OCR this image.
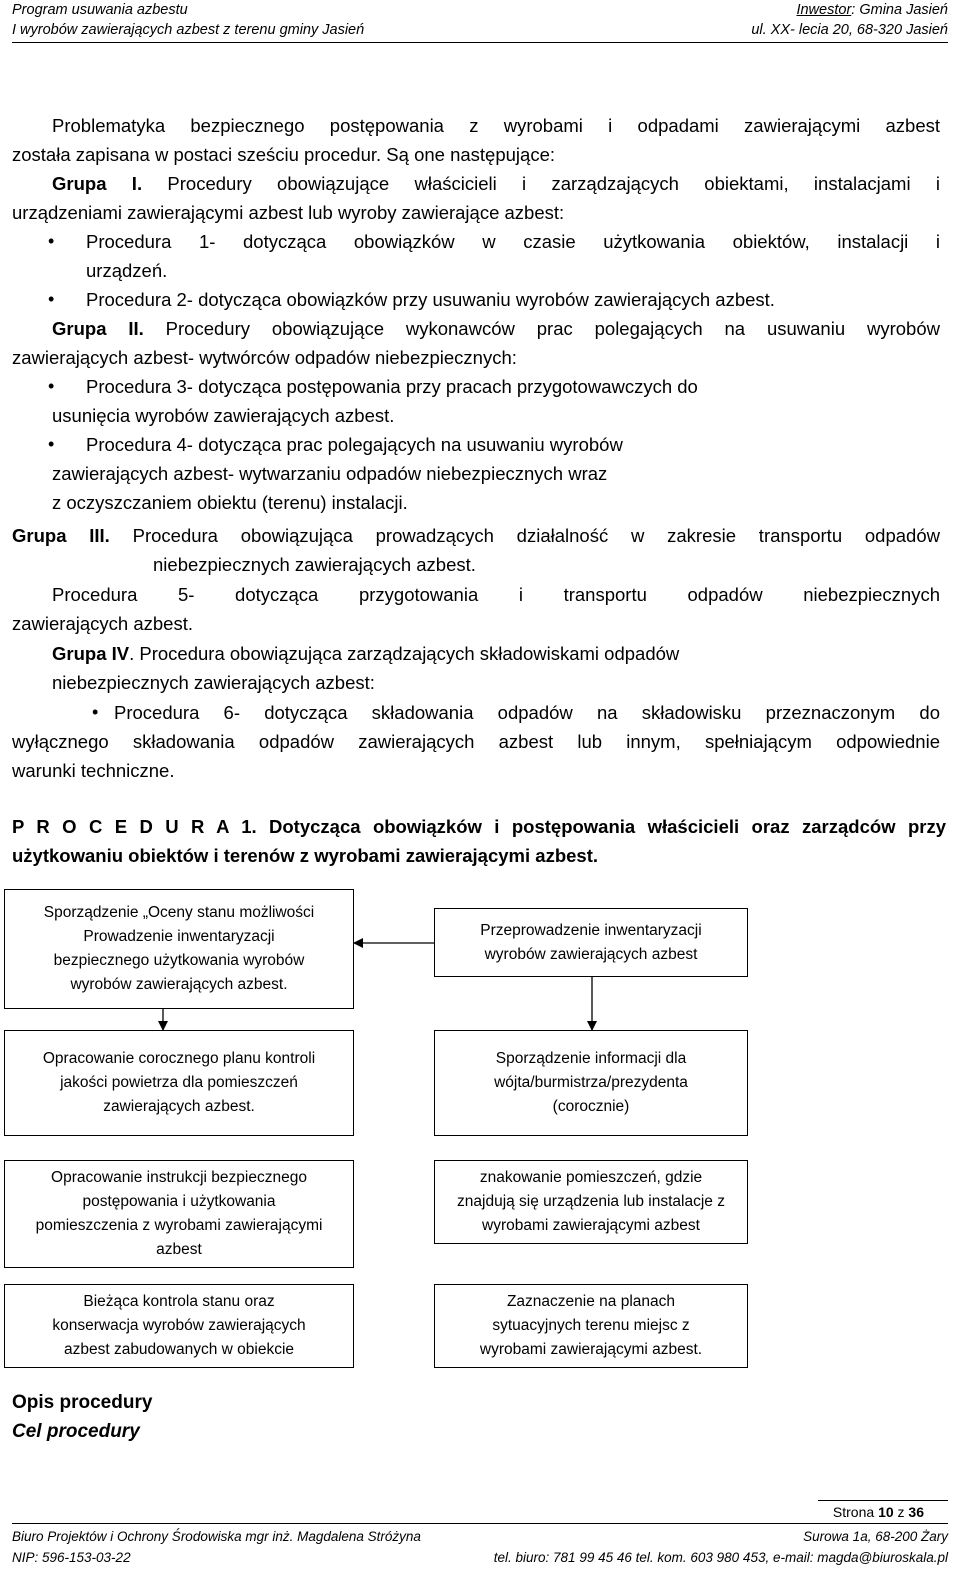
Program usuwania azbestu
I wyrobów zawierających azbest z terenu gminy Jasień
Inwestor: Gmina Jasień
ul. XX- lecia 20, 68-320 Jasień
Problematyka bezpiecznego postępowania z wyrobami i odpadami zawierającymi azbest
została zapisana w postaci sześciu procedur. Są one następujące:
Grupa I. Procedury obowiązujące właścicieli i zarządzających obiektami, instalacjami i
urządzeniami zawierającymi azbest lub wyroby zawierające azbest:
• Procedura 1- dotycząca obowiązków w czasie użytkowania obiektów, instalacji i
urządzeń.
• Procedura 2- dotycząca obowiązków przy usuwaniu wyrobów zawierających azbest.
Grupa II. Procedury obowiązujące wykonawców prac polegających na usuwaniu wyrobów
zawierających azbest- wytwórców odpadów niebezpiecznych:
• Procedura 3- dotycząca postępowania przy pracach przygotowawczych do
usunięcia wyrobów zawierających azbest.
• Procedura 4- dotycząca prac polegających na usuwaniu wyrobów
zawierających azbest- wytwarzaniu odpadów niebezpiecznych wraz
z oczyszczaniem obiektu (terenu) instalacji.
Grupa III. Procedura obowiązująca prowadzących działalność w zakresie transportu odpadów
niebezpiecznych zawierających azbest.
Procedura 5- dotycząca przygotowania i transportu odpadów niebezpiecznych
zawierających azbest.
Grupa IV. Procedura obowiązująca zarządzających składowiskami odpadów
niebezpiecznych zawierających azbest:
• Procedura 6- dotycząca składowania odpadów na składowisku przeznaczonym do
wyłącznego składowania odpadów zawierających azbest lub innym, spełniającym odpowiednie
warunki techniczne.
P R O C E D U R A 1. Dotycząca obowiązków i postępowania właścicieli oraz zarządców przy
użytkowaniu obiektów i terenów z wyrobami zawierającymi azbest.
Sporządzenie „Oceny stanu możliwości
Prowadzenie inwentaryzacji
bezpiecznego użytkowania wyrobów
wyrobów zawierających azbest.
Przeprowadzenie inwentaryzacji
wyrobów zawierających azbest
Opracowanie corocznego planu kontroli
jakości powietrza dla pomieszczeń
zawierających azbest.
Sporządzenie informacji dla
wójta/burmistrza/prezydenta
(corocznie)
Opracowanie instrukcji bezpiecznego
postępowania i użytkowania
pomieszczenia z wyrobami zawierającymi
azbest
znakowanie pomieszczeń, gdzie
znajdują się urządzenia lub instalacje z
wyrobami zawierającymi azbest
Bieżąca kontrola stanu oraz
konserwacja wyrobów zawierających
azbest zabudowanych w obiekcie
Zaznaczenie na planach
sytuacyjnych terenu miejsc z
wyrobami zawierającymi azbest.
Opis procedury
Cel procedury
Strona 10 z 36
Biuro Projektów i Ochrony Środowiska mgr inż. Magdalena Stróżyna
NIP: 596-153-03-22
Surowa 1a, 68-200 Żary
tel. biuro: 781 99 45 46 tel. kom. 603 980 453, e-mail: magda@biuroskala.pl
